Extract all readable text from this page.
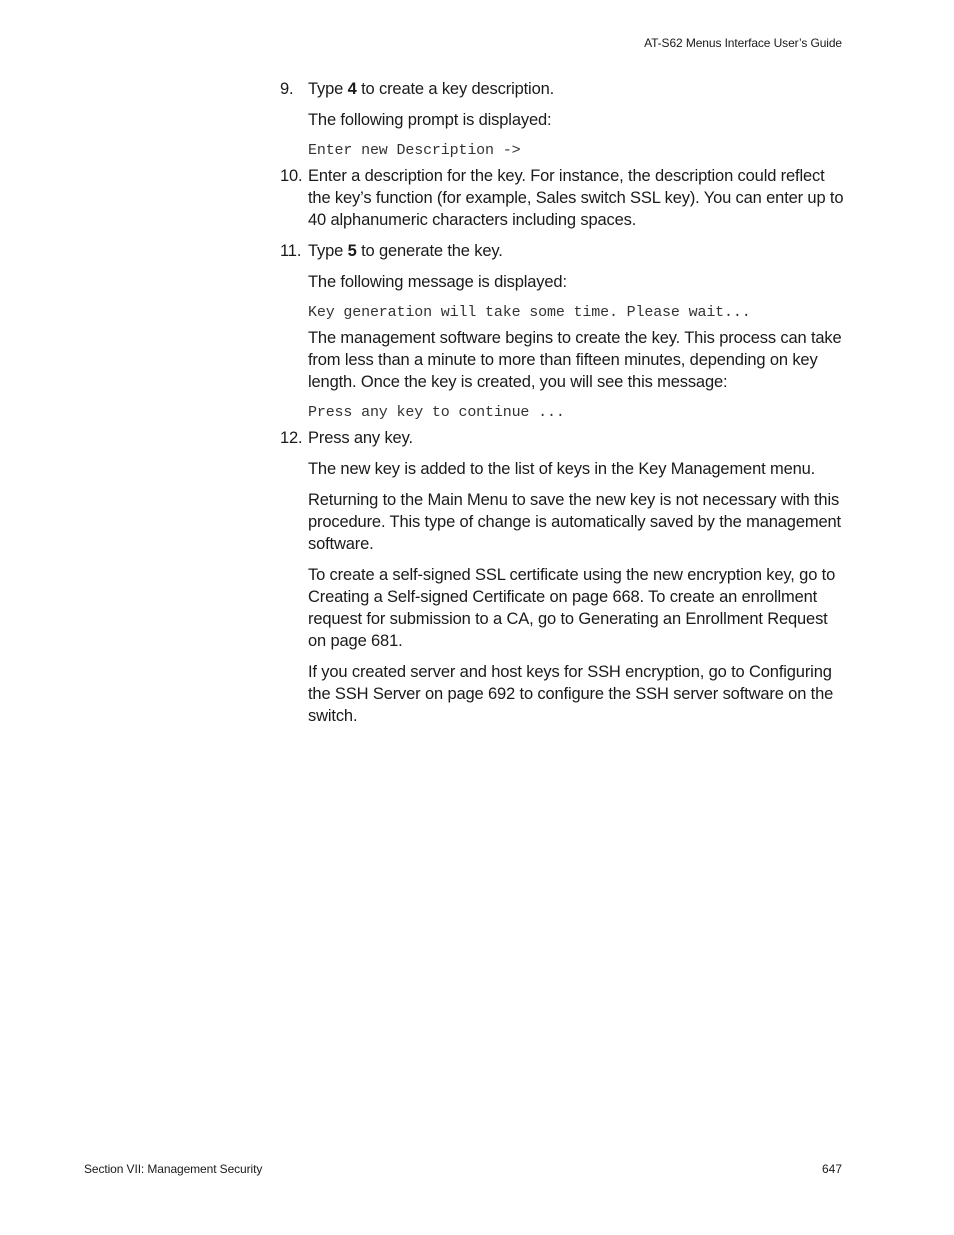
AT-S62 Menus Interface User’s Guide
9. Type 4 to create a key description.
The following prompt is displayed:
Enter new Description ->
10. Enter a description for the key. For instance, the description could reflect the key’s function (for example, Sales switch SSL key). You can enter up to 40 alphanumeric characters including spaces.
11. Type 5 to generate the key.
The following message is displayed:
Key generation will take some time. Please wait...
The management software begins to create the key. This process can take from less than a minute to more than fifteen minutes, depending on key length. Once the key is created, you will see this message:
Press any key to continue ...
12. Press any key.
The new key is added to the list of keys in the Key Management menu.
Returning to the Main Menu to save the new key is not necessary with this procedure. This type of change is automatically saved by the management software.
To create a self-signed SSL certificate using the new encryption key, go to Creating a Self-signed Certificate on page 668. To create an enrollment request for submission to a CA, go to Generating an Enrollment Request on page 681.
If you created server and host keys for SSH encryption, go to Configuring the SSH Server on page 692 to configure the SSH server software on the switch.
Section VII: Management Security	647
